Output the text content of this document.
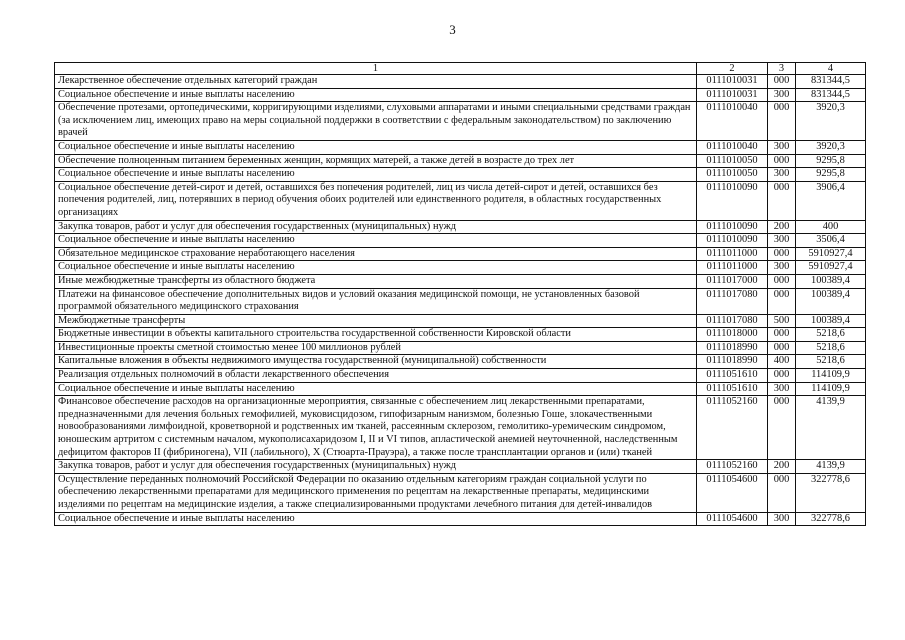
3
1	2	3	4
Лекарственное обеспечение отдельных категорий граждан	0111010031	000	831344,5
Социальное обеспечение и иные выплаты населению	0111010031	300	831344,5
Обеспечение протезами, ортопедическими, корригирующими изделиями, слуховыми аппаратами и иными специальными средствами граждан (за исключением лиц, имеющих право на меры социальной поддержки в соответствии с федеральным законодательством) по заключению врачей	0111010040	000	3920,3
Социальное обеспечение и иные выплаты населению	0111010040	300	3920,3
Обеспечение полноценным питанием беременных женщин, кормящих матерей, а также детей в возрасте до трех лет	0111010050	000	9295,8
Социальное обеспечение и иные выплаты населению	0111010050	300	9295,8
Социальное обеспечение детей-сирот и детей, оставшихся без попечения родителей, лиц из числа детей-сирот и детей, оставшихся без попечения родителей, лиц, потерявших в период обучения обоих родителей или единственного родителя, в областных государственных организациях	0111010090	000	3906,4
Закупка товаров, работ и услуг для обеспечения государственных (муниципальных) нужд	0111010090	200	400
Социальное обеспечение и иные выплаты населению	0111010090	300	3506,4
Обязательное медицинское страхование неработающего населения	0111011000	000	5910927,4
Социальное обеспечение и иные выплаты населению	0111011000	300	5910927,4
Иные межбюджетные трансферты из областного бюджета	0111017000	000	100389,4
Платежи на финансовое обеспечение дополнительных видов и условий оказания медицинской помощи, не установленных базовой программой обязательного медицинского страхования	0111017080	000	100389,4
Межбюджетные трансферты	0111017080	500	100389,4
Бюджетные инвестиции в объекты капитального строительства государственной собственности Кировской области	0111018000	000	5218,6
Инвестиционные проекты сметной стоимостью менее 100 миллионов рублей	0111018990	000	5218,6
Капитальные вложения в объекты недвижимого имущества государственной (муниципальной) собственности	0111018990	400	5218,6
Реализация отдельных полномочий в области лекарственного обеспечения	0111051610	000	114109,9
Социальное обеспечение и иные выплаты населению	0111051610	300	114109,9
Финансовое обеспечение расходов на организационные мероприятия, связанные с обеспечением лиц лекарственными препаратами, предназначенными для лечения больных гемофилией, муковисцидозом, гипофизарным нанизмом, болезнью Гоше, злокачественными новообразованиями лимфоидной, кроветворной и родственных им тканей, рассеянным склерозом, гемолитико-уремическим синдромом, юношеским артритом с системным началом, мукополисахаридозом I, II и VI типов, апластической анемией неуточненной, наследственным дефицитом факторов II (фибриногена), VII (лабильного), X (Стюарта-Прауэра), а также после трансплантации органов и (или) тканей	0111052160	000	4139,9
Закупка товаров, работ и услуг для обеспечения государственных (муниципальных) нужд	0111052160	200	4139,9
Осуществление переданных полномочий Российской Федерации по оказанию отдельным категориям граждан социальной услуги по обеспечению лекарственными препаратами для медицинского применения по рецептам на лекарственные препараты, медицинскими изделиями по рецептам на медицинские изделия, а также специализированными продуктами лечебного питания для детей-инвалидов	0111054600	000	322778,6
Социальное обеспечение и иные выплаты населению	0111054600	300	322778,6
